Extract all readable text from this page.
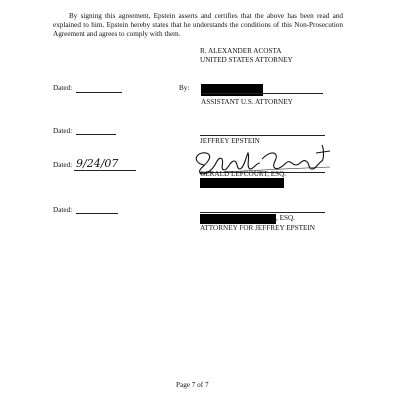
By signing this agreement, Epstein asserts and certifies that the above has been read and explained to him. Epstein hereby states that he understands the conditions of this Non-Prosecution Agreement and agrees to comply with them.
R. ALEXANDER ACOSTA
UNITED STATES ATTORNEY
Dated:	By:
ASSISTANT U.S. ATTORNEY
Dated:
JEFFREY EPSTEIN
Dated: 9/24/07
GERALD LEFCOURT, ESQ.
Dated:
, ESQ.
ATTORNEY FOR JEFFREY EPSTEIN
Page 7 of 7
